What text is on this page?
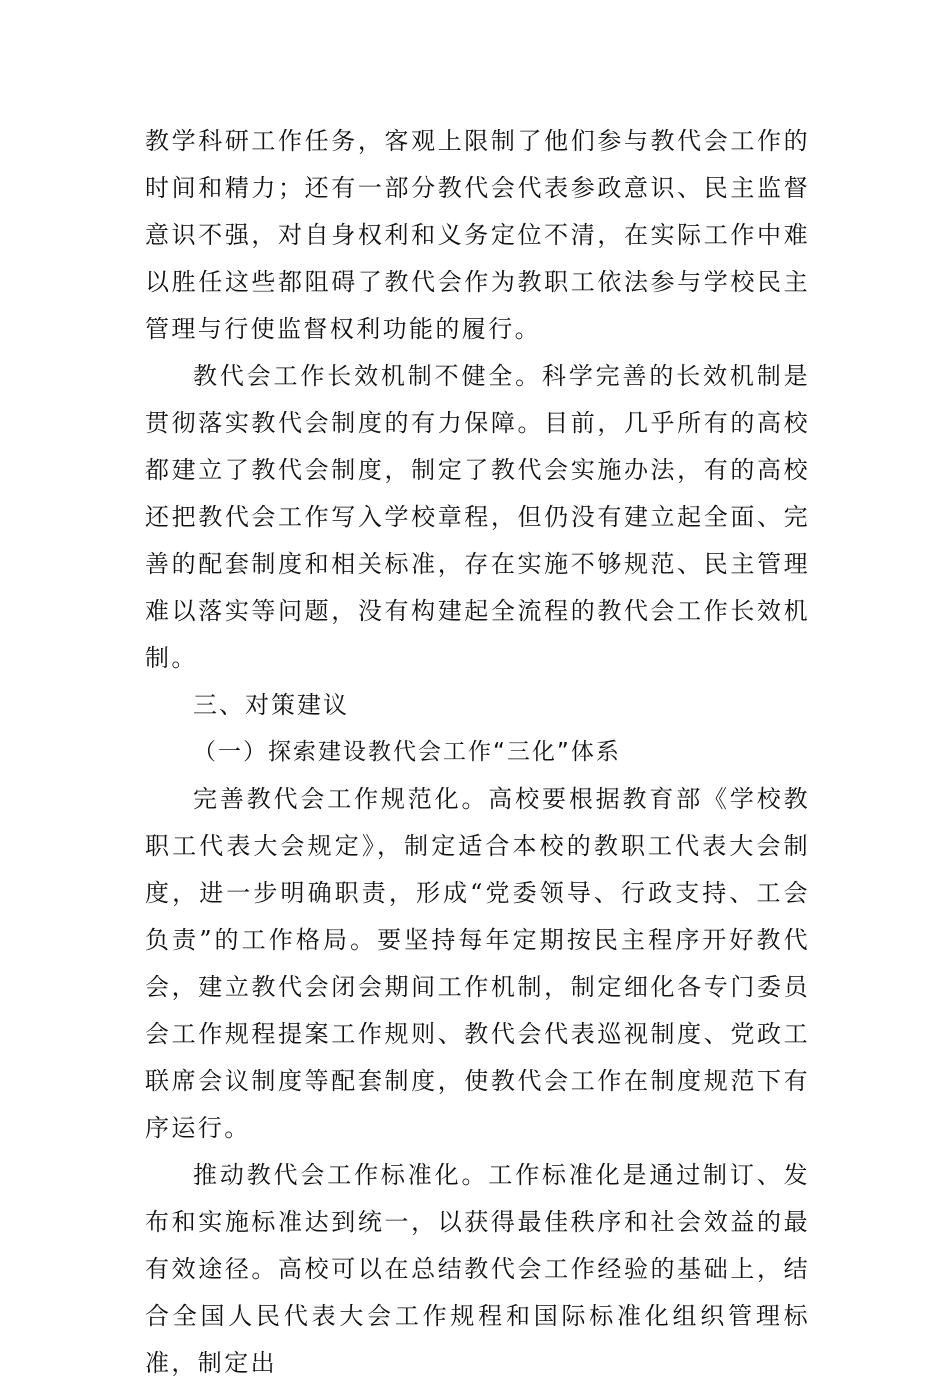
教学科研工作任务，客观上限制了他们参与教代会工作的时间和精力；还有一部分教代会代表参政意识、民主监督意识不强，对自身权利和义务定位不清，在实际工作中难以胜任这些都阻碍了教代会作为教职工依法参与学校民主管理与行使监督权利功能的履行。

教代会工作长效机制不健全。科学完善的长效机制是贯彻落实教代会制度的有力保障。目前，几乎所有的高校都建立了教代会制度，制定了教代会实施办法，有的高校还把教代会工作写入学校章程，但仍没有建立起全面、完善的配套制度和相关标准，存在实施不够规范、民主管理难以落实等问题，没有构建起全流程的教代会工作长效机制。

三、对策建议
（一）探索建设教代会工作“三化”体系

完善教代会工作规范化。高校要根据教育部《学校教职工代表大会规定》，制定适合本校的教职工代表大会制度，进一步明确职责，形成“党委领导、行政支持、工会负责”的工作格局。要坚持每年定期按民主程序开好教代会，建立教代会闭会期间工作机制，制定细化各专门委员会工作规程提案工作规则、教代会代表巡视制度、党政工联席会议制度等配套制度，使教代会工作在制度规范下有序运行。

推动教代会工作标准化。工作标准化是通过制订、发布和实施标准达到统一，以获得最佳秩序和社会效益的最有效途径。高校可以在总结教代会工作经验的基础上，结合全国人民代表大会工作规程和国际标准化组织管理标准，制定出
